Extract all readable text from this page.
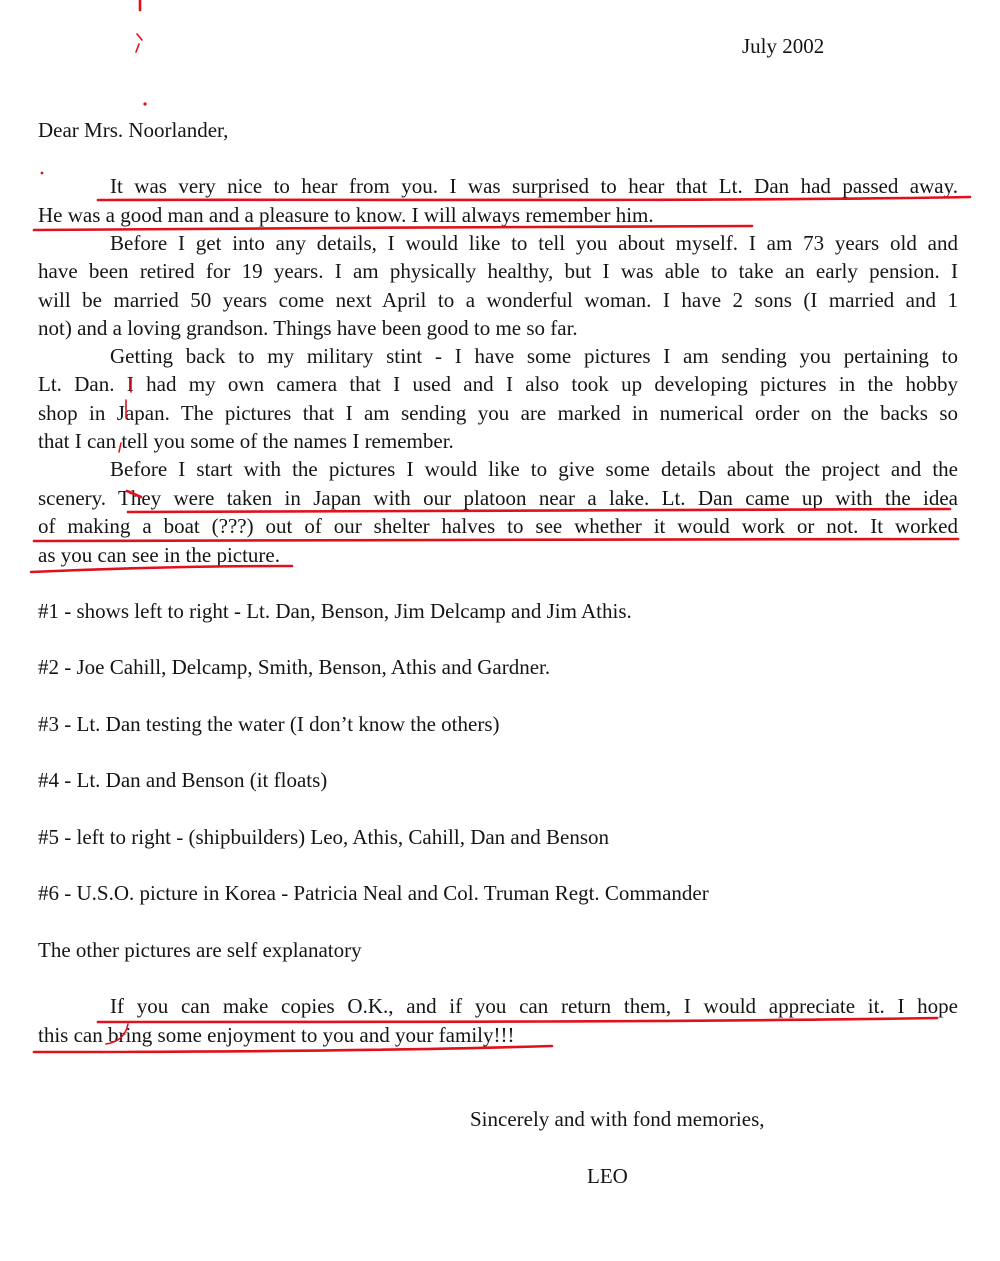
July 2002
Dear Mrs. Noorlander,
It was very nice to hear from you. I was surprised to hear that Lt. Dan had passed away.
He was a good man and a pleasure to know. I will always remember him.
Before I get into any details, I would like to tell you about myself. I am 73 years old and
have been retired for 19 years. I am physically healthy, but I was able to take an early pension. I
will be married 50 years come next April to a wonderful woman. I have 2 sons (I married and 1
not) and a loving grandson. Things have been good to me so far.
Getting back to my military stint - I have some pictures I am sending you pertaining to
Lt. Dan. I had my own camera that I used and I also took up developing pictures in the hobby
shop in Japan. The pictures that I am sending you are marked in numerical order on the backs so
that I can tell you some of the names I remember.
Before I start with the pictures I would like to give some details about the project and the
scenery. They were taken in Japan with our platoon near a lake. Lt. Dan came up with the idea
of making a boat (???) out of our shelter halves to see whether it would work or not. It worked
as you can see in the picture.
#1 - shows left to right - Lt. Dan, Benson, Jim Delcamp and Jim Athis.
#2 - Joe Cahill, Delcamp, Smith, Benson, Athis and Gardner.
#3 - Lt. Dan testing the water (I don’t know the others)
#4 - Lt. Dan and Benson (it floats)
#5 - left to right - (shipbuilders) Leo, Athis, Cahill, Dan and Benson
#6 - U.S.O. picture in Korea - Patricia Neal and Col. Truman Regt. Commander
The other pictures are self explanatory
If you can make copies O.K., and if you can return them, I would appreciate it. I hope
this can bring some enjoyment to you and your family!!!
Sincerely and with fond memories,
LEO
